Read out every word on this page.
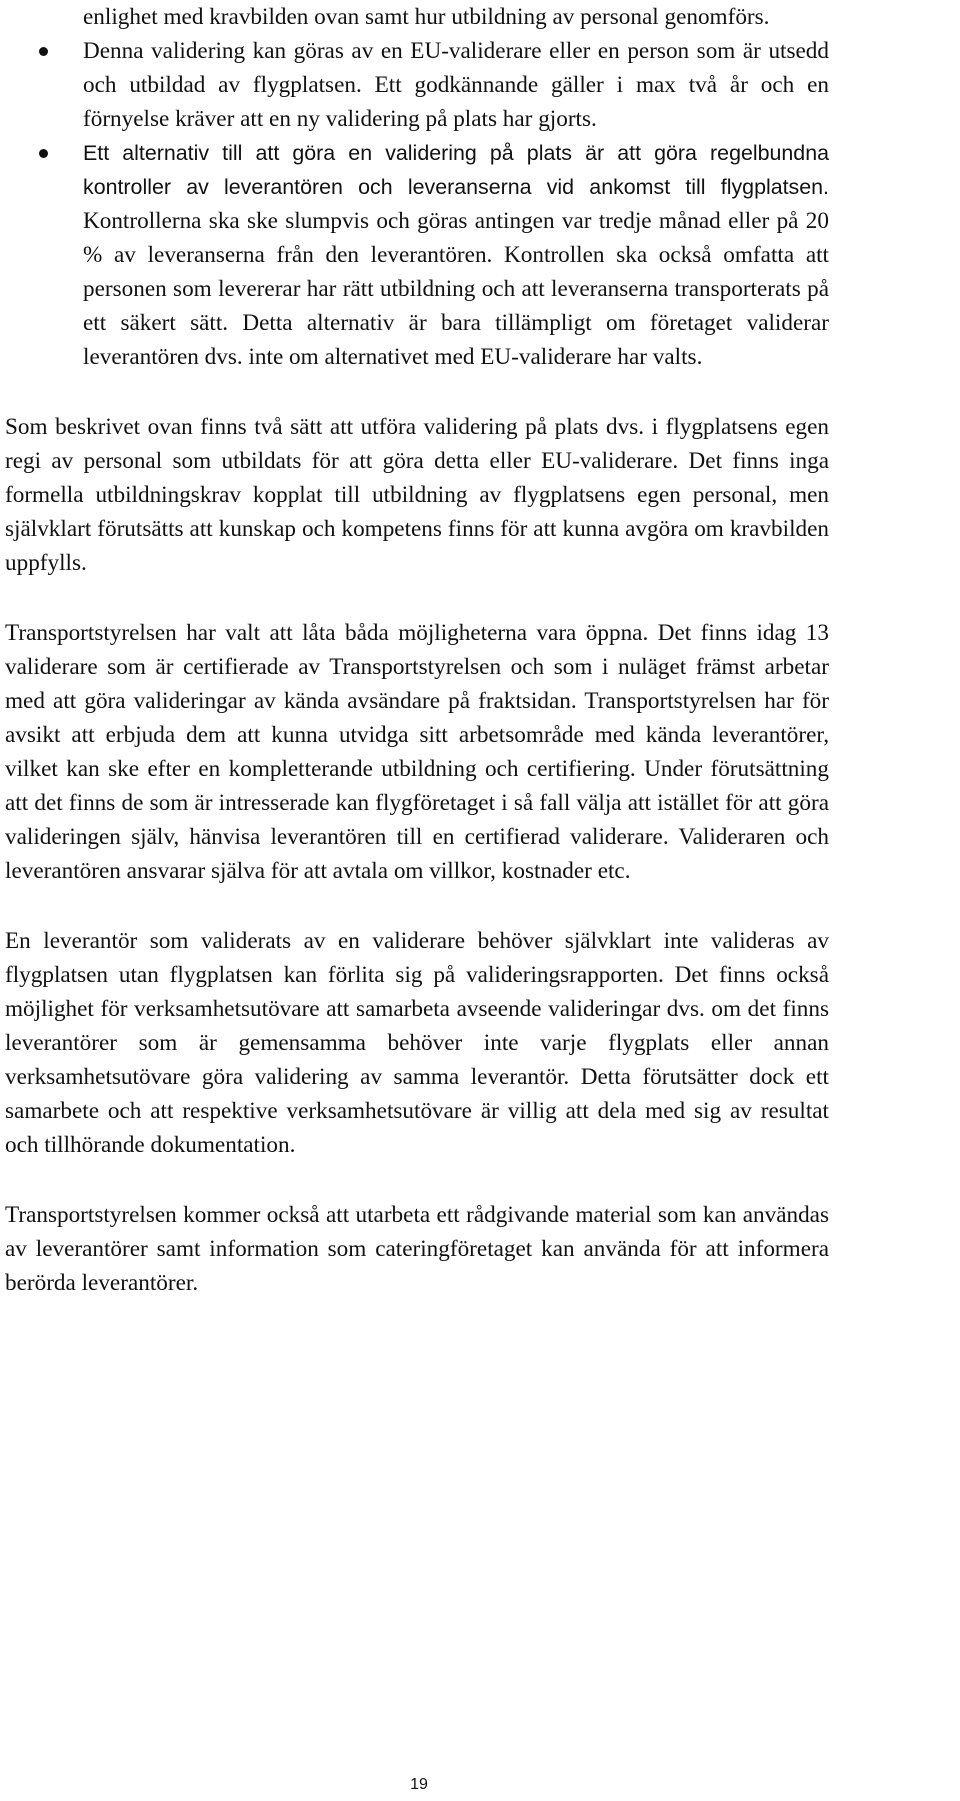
enlighet med kravbilden ovan samt hur utbildning av personal genomförs.
Denna validering kan göras av en EU-validerare eller en person som är utsedd och utbildad av flygplatsen. Ett godkännande gäller i max två år och en förnyelse kräver att en ny validering på plats har gjorts.
Ett alternativ till att göra en validering på plats är att göra regelbundna kontroller av leverantören och leveranserna vid ankomst till flygplatsen. Kontrollerna ska ske slumpvis och göras antingen var tredje månad eller på 20 % av leveranserna från den leverantören. Kontrollen ska också omfatta att personen som levererar har rätt utbildning och att leveranserna transporterats på ett säkert sätt. Detta alternativ är bara tillämpligt om företaget validerar leverantören dvs. inte om alternativet med EU-validerare har valts.

Som beskrivet ovan finns två sätt att utföra validering på plats dvs. i flygplatsens egen regi av personal som utbildats för att göra detta eller EU-validerare. Det finns inga formella utbildningskrav kopplat till utbildning av flygplatsens egen personal, men självklart förutsätts att kunskap och kompetens finns för att kunna avgöra om kravbilden uppfylls.

Transportstyrelsen har valt att låta båda möjligheterna vara öppna. Det finns idag 13 validerare som är certifierade av Transportstyrelsen och som i nuläget främst arbetar med att göra valideringar av kända avsändare på fraktsidan. Transportstyrelsen har för avsikt att erbjuda dem att kunna utvidga sitt arbetsområde med kända leverantörer, vilket kan ske efter en kompletterande utbildning och certifiering. Under förutsättning att det finns de som är intresserade kan flygföretaget i så fall välja att istället för att göra valideringen själv, hänvisa leverantören till en certifierad validerare. Valideraren och leverantören ansvarar själva för att avtala om villkor, kostnader etc.

En leverantör som validerats av en validerare behöver självklart inte valideras av flygplatsen utan flygplatsen kan förlita sig på valideringsrapporten. Det finns också möjlighet för verksamhetsutövare att samarbeta avseende valideringar dvs. om det finns leverantörer som är gemensamma behöver inte varje flygplats eller annan verksamhetsutövare göra validering av samma leverantör. Detta förutsätter dock ett samarbete och att respektive verksamhetsutövare är villig att dela med sig av resultat och tillhörande dokumentation.

Transportstyrelsen kommer också att utarbeta ett rådgivande material som kan användas av leverantörer samt information som cateringföretaget kan använda för att informera berörda leverantörer.

19
